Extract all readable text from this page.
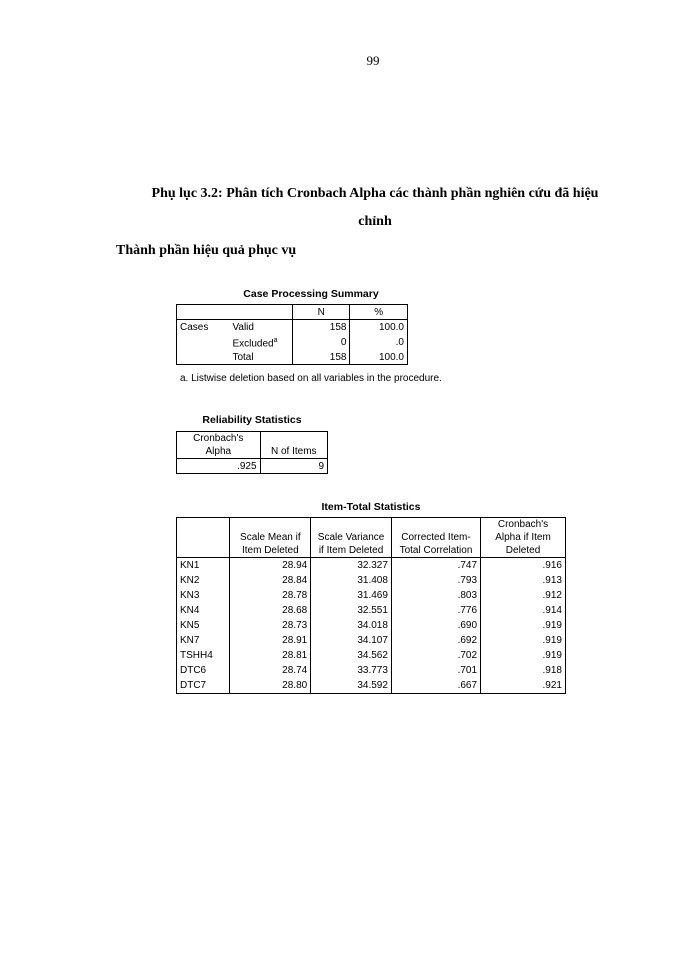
99
Phụ lục 3.2: Phân tích Cronbach Alpha các thành phần nghiên cứu đã hiệu
chỉnh
Thành phần hiệu quả phục vụ
Case Processing Summary
		N	%
Cases	Valid	158	100.0
	Excluded$^a$	0	.0
	Total	158	100.0
a. Listwise deletion based on all variables in the procedure.
Reliability Statistics
Cronbach's Alpha	N of Items
.925	9
Item-Total Statistics
	Scale Mean if Item Deleted	Scale Variance if Item Deleted	Corrected Item-Total Correlation	Cronbach's Alpha if Item Deleted
KN1	28.94	32.327	.747	.916
KN2	28.84	31.408	.793	.913
KN3	28.78	31.469	.803	.912
KN4	28.68	32.551	.776	.914
KN5	28.73	34.018	.690	.919
KN7	28.91	34.107	.692	.919
TSHH4	28.81	34.562	.702	.919
DTC6	28.74	33.773	.701	.918
DTC7	28.80	34.592	.667	.921
